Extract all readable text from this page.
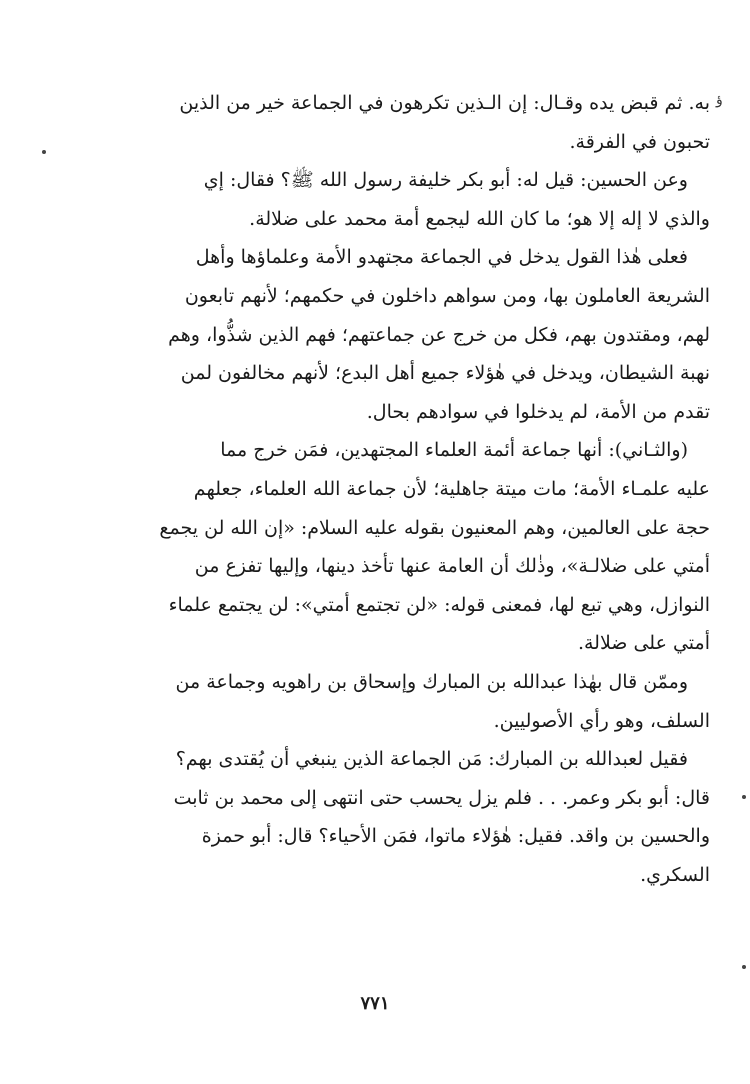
ؤ
به. ثم قبض يده وقـال: إن الـذين تكرهون في الجماعة خير من الذين
تحبون في الفرقة.
وعن الحسين: قيل له: أبو بكر خليفة رسول الله ﷺ؟ فقال: إي
والذي لا إله إلا هو؛ ما كان الله ليجمع أمة محمد على ضلالة.
فعلى هٰذا القول يدخل في الجماعة مجتهدو الأمة وعلماؤها وأهل
الشريعة العاملون بها، ومن سواهم داخلون في حكمهم؛ لأنهم تابعون
لهم، ومقتدون بهم، فكل من خرج عن جماعتهم؛ فهم الذين شذُّوا، وهم
نهبة الشيطان، ويدخل في هٰؤلاء جميع أهل البدع؛ لأنهم مخالفون لمن
تقدم من الأمة، لم يدخلوا في سوادهم بحال.
(والثـاني): أنها جماعة أئمة العلماء المجتهدين، فمَن خرج مما
عليه علمـاء الأمة؛ مات ميتة جاهلية؛ لأن جماعة الله العلماء، جعلهم
حجة على العالمين، وهم المعنيون بقوله عليه السلام: «إن الله لن يجمع
أمتي على ضلالـة»، وذٰلك أن العامة عنها تأخذ دينها، وإليها تفزع من
النوازل، وهي تبع لها، فمعنى قوله: «لن تجتمع أمتي»: لن يجتمع علماء
أمتي على ضلالة.
وممّن قال بهٰذا عبدالله بن المبارك وإسحاق بن راهويه وجماعة من
السلف، وهو رأي الأصوليين.
فقيل لعبدالله بن المبارك: مَن الجماعة الذين ينبغي أن يُقتدى بهم؟
قال: أبو بكر وعمر. . . فلم يزل يحسب حتى انتهى إلى محمد بن ثابت
والحسين بن واقد. فقيل: هٰؤلاء ماتوا، فمَن الأحياء؟ قال: أبو حمزة
السكري.
٧٧١
